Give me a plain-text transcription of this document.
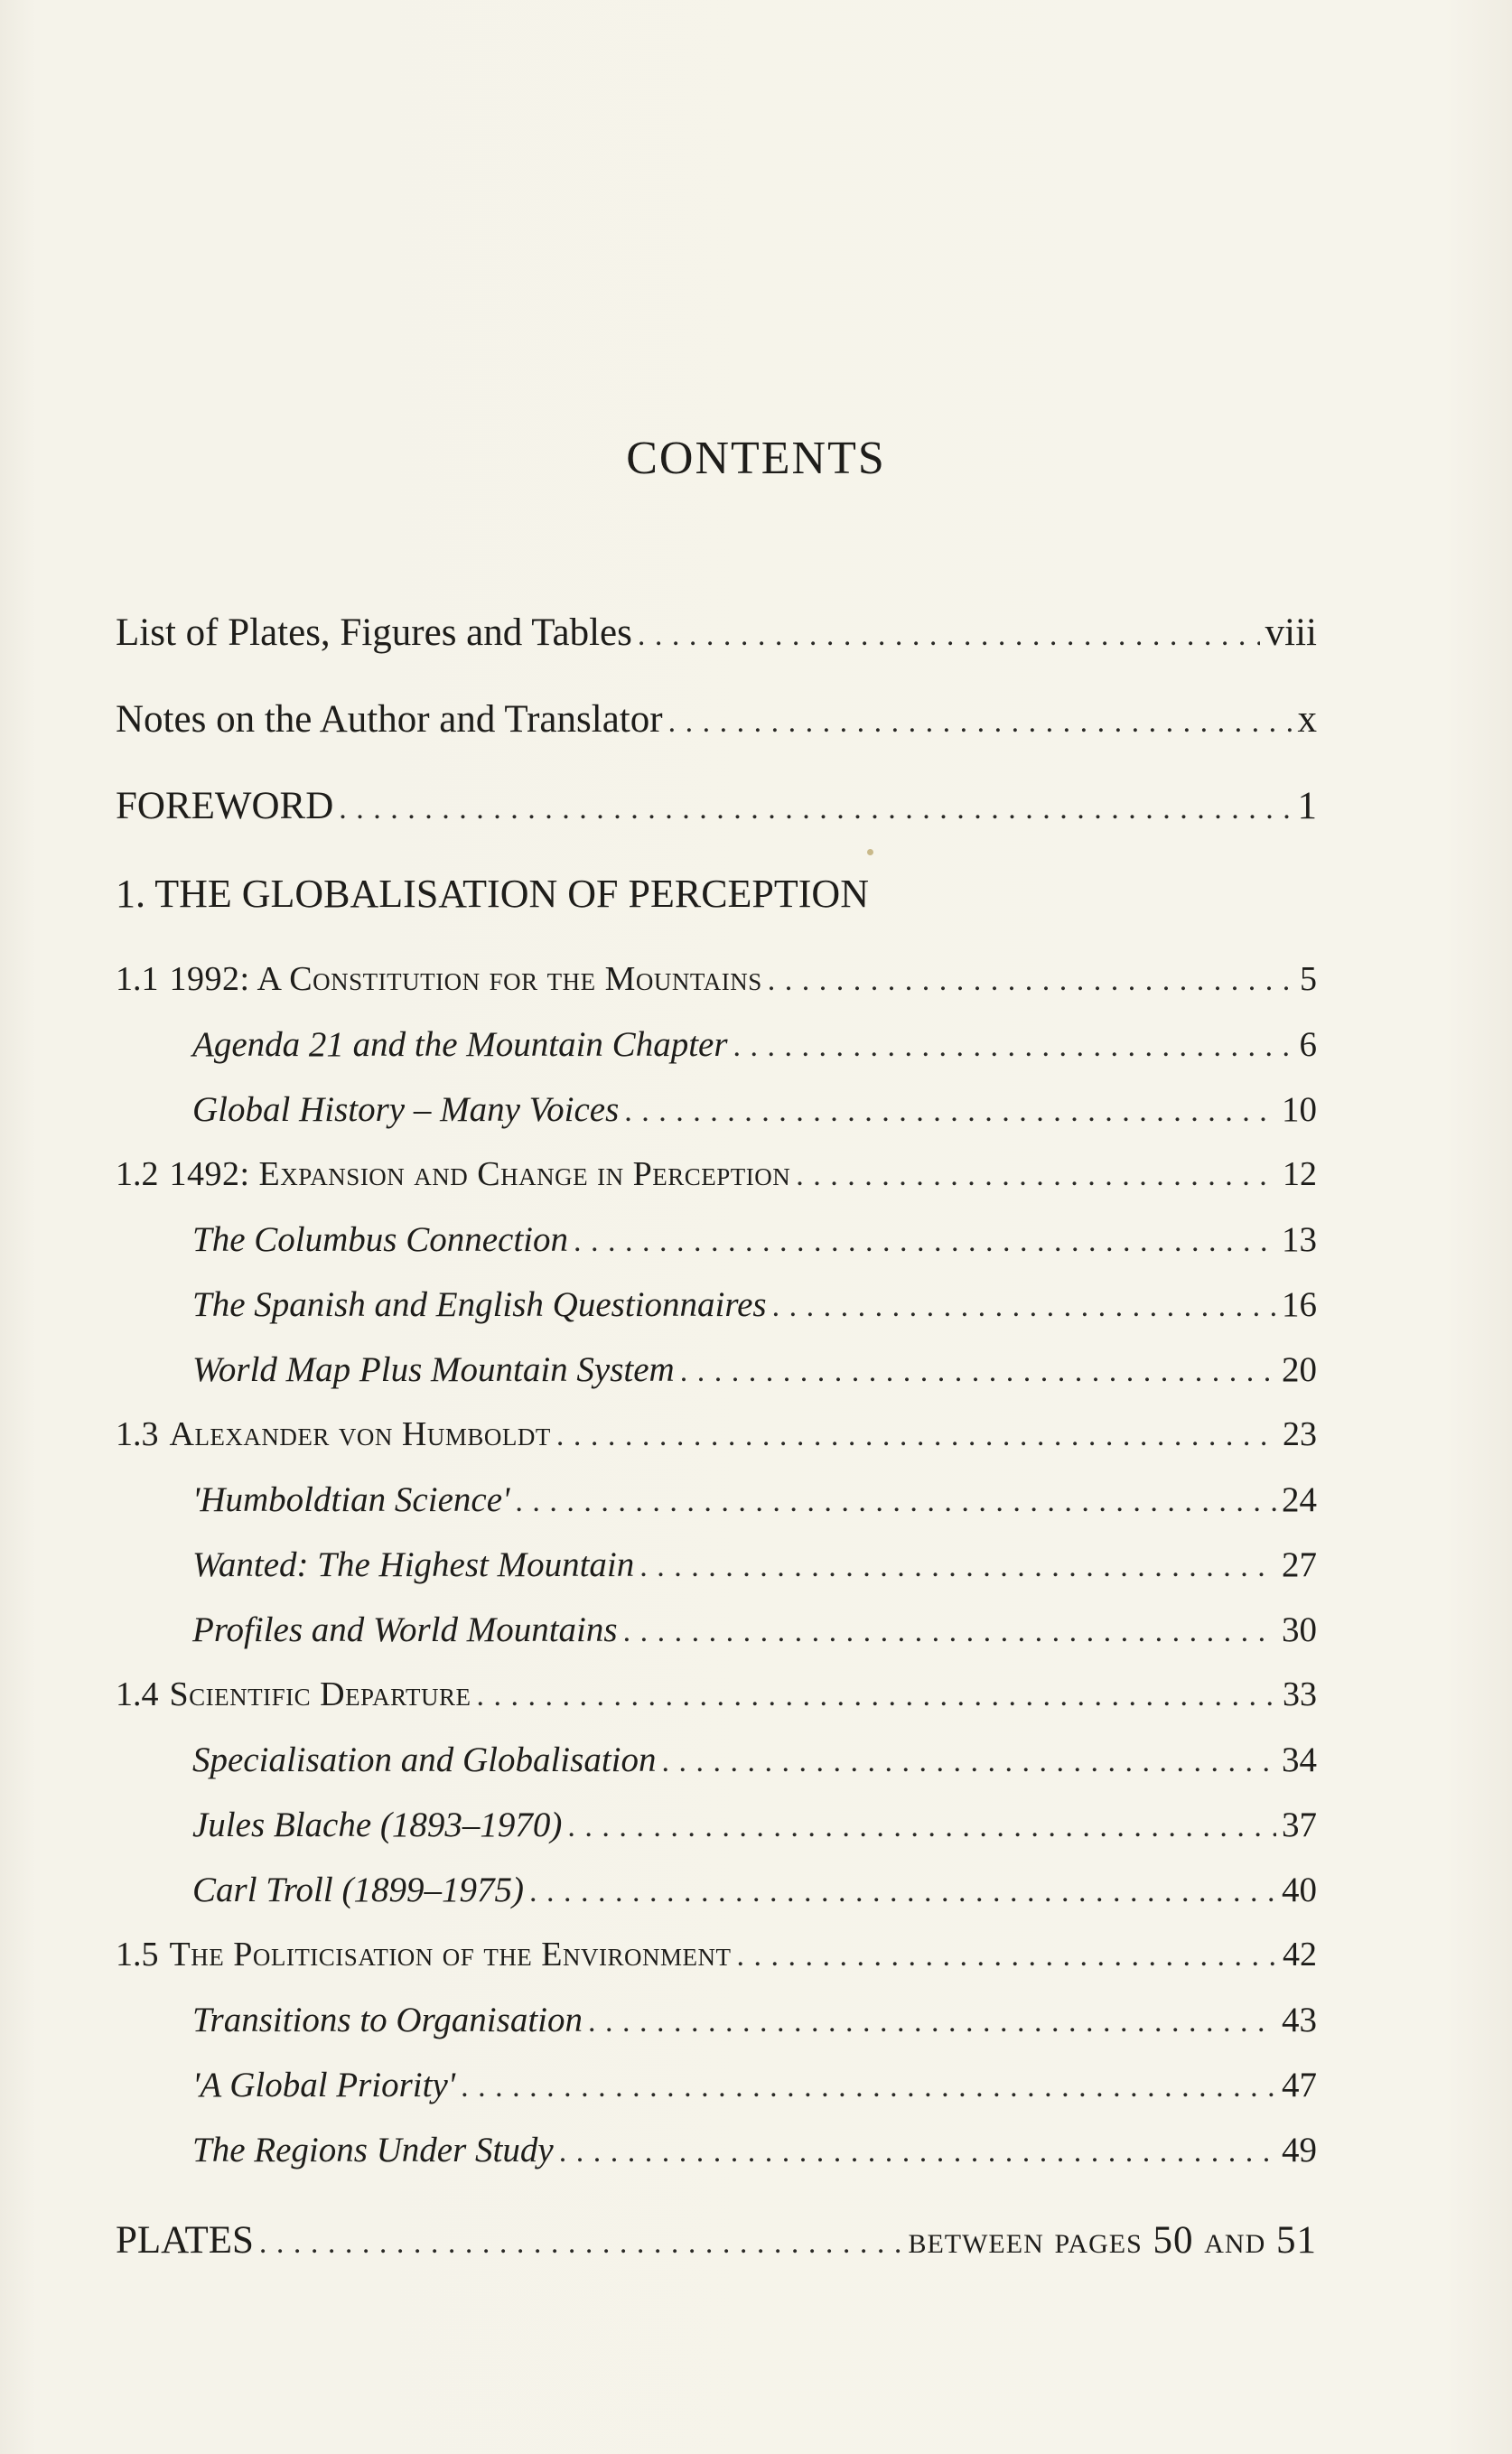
CONTENTS
List of Plates, Figures and Tables . . .	viii
Notes on the Author and Translator . . .	x
FOREWORD . . .	1
1. THE GLOBALISATION OF PERCEPTION
1.1 1992: A Constitution for the Mountains . . .	5
Agenda 21 and the Mountain Chapter . . .	6
Global History – Many Voices . . .	10
1.2 1492: Expansion and Change in Perception . . .	12
The Columbus Connection . . .	13
The Spanish and English Questionnaires . . .	16
World Map Plus Mountain System . . .	20
1.3 Alexander von Humboldt . . .	23
'Humboldtian Science' . . .	24
Wanted: The Highest Mountain . . .	27
Profiles and World Mountains . . .	30
1.4 Scientific Departure . . .	33
Specialisation and Globalisation . . .	34
Jules Blache (1893–1970) . . .	37
Carl Troll (1899–1975) . . .	40
1.5 The Politicisation of the Environment . . .	42
Transitions to Organisation . . .	43
'A Global Priority' . . .	47
The Regions Under Study . . .	49
PLATES . . .	between pages 50 and 51
